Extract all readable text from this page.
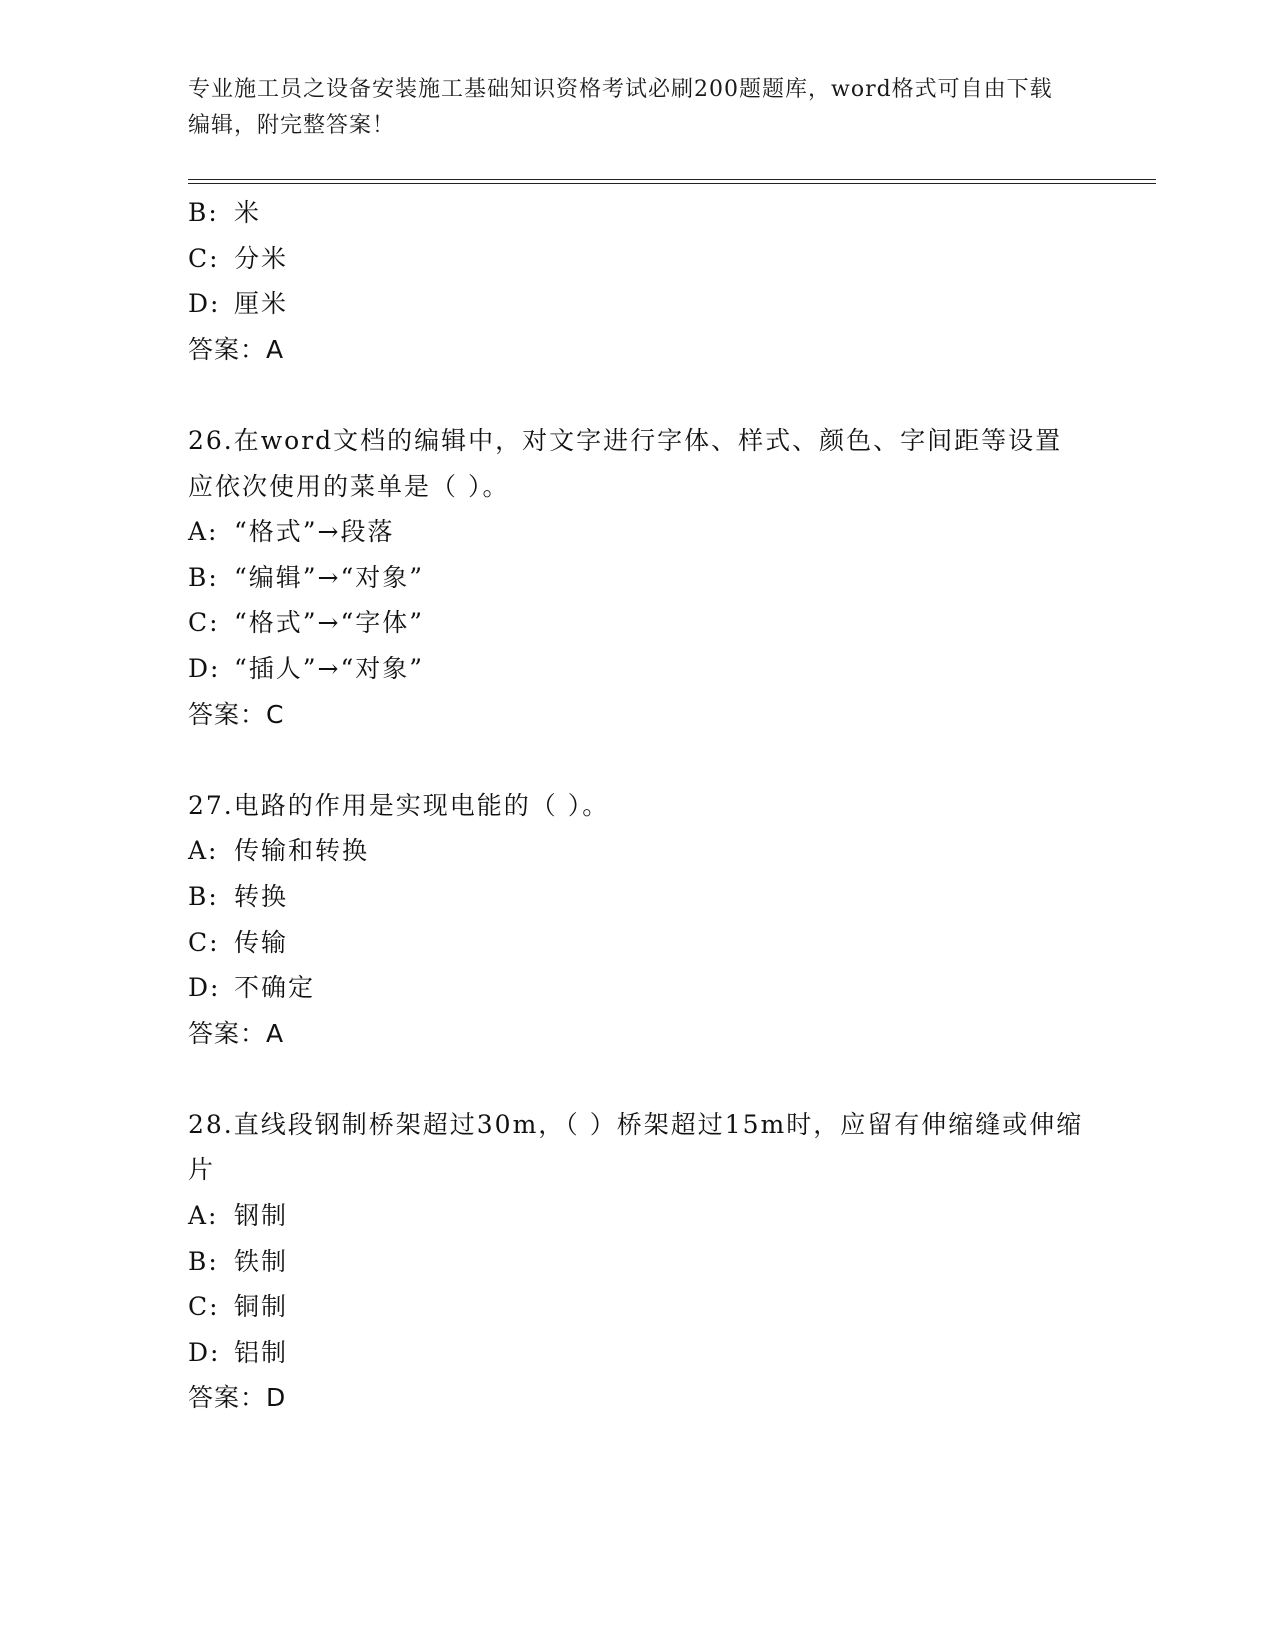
专业施工员之设备安装施工基础知识资格考试必刷200题题库，word格式可自由下载编辑，附完整答案！
B: 米
C: 分米
D: 厘米
答案：A
26.在word文档的编辑中，对文字进行字体、样式、颜色、字间距等设置应依次使用的菜单是（ ）。
A: “格式”→段落
B: “编辑”→“对象”
C: “格式”→“字体”
D: “插人”→“对象”
答案：C
27.电路的作用是实现电能的（ ）。
A: 传输和转换
B: 转换
C: 传输
D: 不确定
答案：A
28.直线段钢制桥架超过30m，（ ）桥架超过15m时，应留有伸缩缝或伸缩片
A: 钢制
B: 铁制
C: 铜制
D: 铝制
答案：D
